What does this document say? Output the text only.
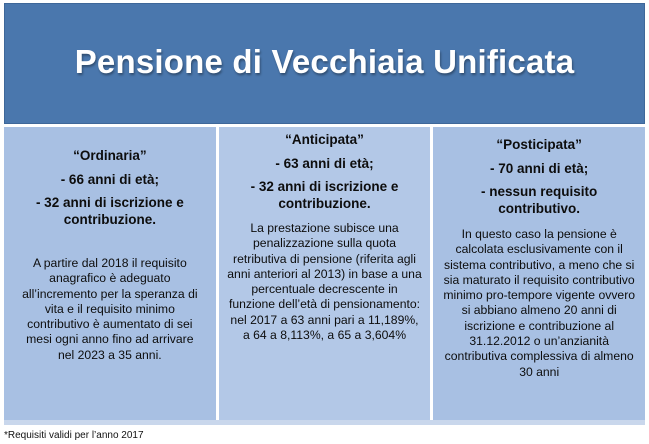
Pensione di Vecchiaia Unificata
“Ordinaria”
- 66 anni di età;
- 32 anni di iscrizione e contribuzione.
A partire dal 2018 il requisito anagrafico è adeguato all’incremento per la speranza di vita e il requisito minimo contributivo è aumentato di sei mesi ogni anno fino ad arrivare nel 2023 a 35 anni.
“Anticipata”
- 63 anni di età;
- 32 anni di iscrizione e contribuzione.
La prestazione subisce una penalizzazione sulla quota retributiva di pensione (riferita agli anni anteriori al 2013) in base a una percentuale decrescente in funzione dell’età di pensionamento: nel 2017 a 63 anni pari a 11,189%, a 64 a 8,113%, a 65 a 3,604%
“Posticipata”
- 70 anni di età;
- nessun requisito contributivo.
In questo caso la pensione è calcolata esclusivamente con il sistema contributivo, a meno che si sia maturato il requisito contributivo minimo pro-tempore vigente ovvero si abbiano almeno 20 anni di iscrizione e contribuzione al 31.12.2012 o un’anzianità contributiva complessiva di almeno 30 anni
*Requisiti validi per l’anno 2017
